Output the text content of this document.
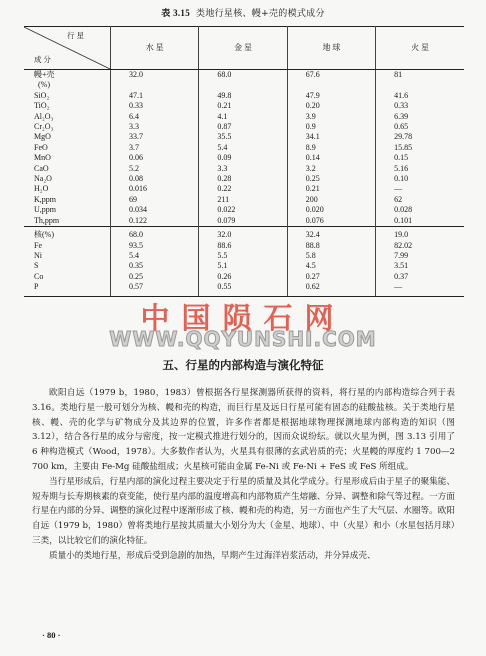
表 3.15 类地行星核、幔+売的模式成分
行 星
成 分	水 星	金 星	地 球	火 星
幔+壳
(%)	32.0	68.0	67.6	81
SiO₂	47.1	49.8	47.9	41.6
TiO₂	0.33	0.21	0.20	0.33
Al₂O₃	6.4	4.1	3.9	6.39
Cr₂O₃	3.3	0.87	0.9	0.65
MgO	33.7	35.5	34.1	29.78
FeO	3.7	5.4	8.9	15.85
MnO	0.06	0.09	0.14	0.15
CaO	5.2	3.3	3.2	5.16
Na₂O	0.08	0.28	0.25	0.10
H₂O	0.016	0.22	0.21	—
K,ppm	69	211	200	62
U,ppm	0.034	0.022	0.020	0.028
Th,ppm	0.122	0.079	0.076	0.101
核(%)	68.0	32.0	32.4	19.0
Fe	93.5	88.6	88.8	82.02
Ni	5.4	5.5	5.8	7.99
S	0.35	5.1	4.5	3.51
Co	0.25	0.26	0.27	0.37
P	0.57	0.55	0.62	—
中国陨石网
WWW.QQYUNSHI.COM
五、行星的内部构造与演化特征

欧阳自远（1979 b，1980，1983）曾根据各行星探测器所获得的资料，将行星的内部构造综合列于表 3.16。类地行星一般可划分为核、幔和壳的构造，而巨行星及远日行星可能有固态的硅酸盐核。关于类地行星核、幔、壳的化学与矿物成分及其边界的位置，许多作者都是根据地球物理探测地球内部构造的知识（图 3.12），结合各行星的成分与密度，按一定模式推进行划分的，因而众说纷纭。就以火星为例，图 3.13 引用了 6 种构造模式（Wood，1978）。大多数作者认为，火星具有很薄的玄武岩质的壳；火星幔的厚度约 1 700—2 700 km，主要由 Fe-Mg 硅酸盐组成；火星核可能由金属 Fe-Ni 或 Fe-Ni + FeS 或 FeS 所组成。

当行星形成后，行星内部的演化过程主要决定于行星的质量及其化学成分。行星形成后由于星子的聚集能、短寿期与长寿期核素的衰变能，使行星内部的温度增高和内部物质产生熔融、分异、调整和除气等过程。一方面行星在内部的分异、调整的演化过程中逐渐形成了核、幔和壳的构造，另一方面也产生了大气层、水圈等。欧阳自远（1979 b，1980）曾将类地行星按其质量大小划分为大（金星、地球）、中（火星）和小（水星包括月球）三类，以比较它们的演化特征。

质量小的类地行星，形成后受到急剧的加热，早期产生过海洋岩浆活动，并分异成壳、

· 80 ·
